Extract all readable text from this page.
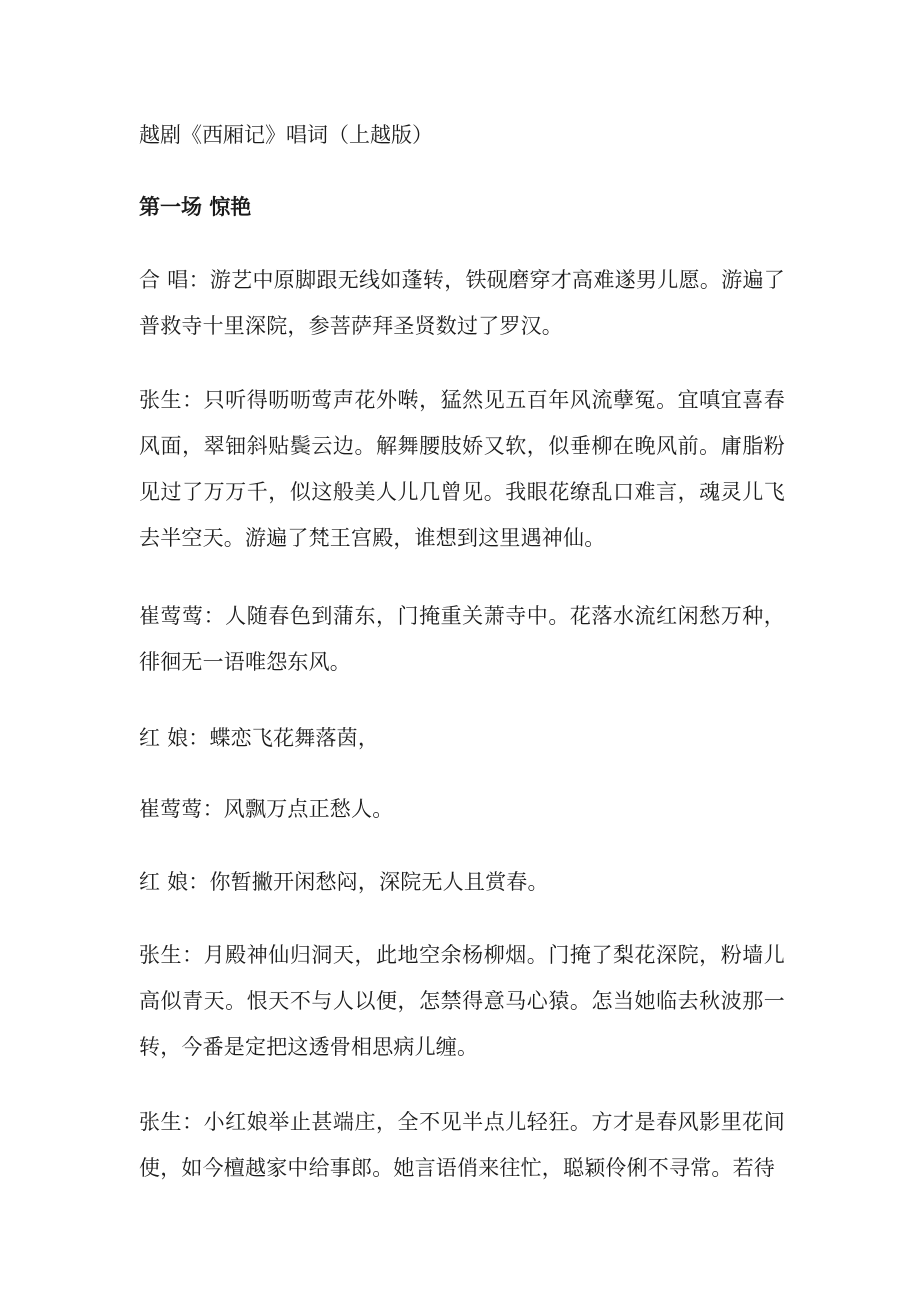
越剧《西厢记》唱词（上越版）
第一场 惊艳
合 唱：游艺中原脚跟无线如蓬转，铁砚磨穿才高难遂男儿愿。游遍了普救寺十里深院，参菩萨拜圣贤数过了罗汉。
张生：只听得呖呖莺声花外啭，猛然见五百年风流孽冤。宜嗔宜喜春风面，翠钿斜贴鬓云边。解舞腰肢娇又软，似垂柳在晚风前。庸脂粉见过了万万千，似这般美人儿几曾见。我眼花缭乱口难言，魂灵儿飞去半空天。游遍了梵王宫殿，谁想到这里遇神仙。
崔莺莺：人随春色到蒲东，门掩重关萧寺中。花落水流红闲愁万种，徘徊无一语唯怨东风。
红 娘：蝶恋飞花舞落茵，
崔莺莺：风飘万点正愁人。
红 娘：你暂撇开闲愁闷，深院无人且赏春。
张生：月殿神仙归洞天，此地空余杨柳烟。门掩了梨花深院，粉墙儿高似青天。恨天不与人以便，怎禁得意马心猿。怎当她临去秋波那一转，今番是定把这透骨相思病儿缠。
张生：小红娘举止甚端庄，全不见半点儿轻狂。方才是春风影里花间使，如今檀越家中给事郎。她言语俏来往忙，聪颖伶俐不寻常。若待
